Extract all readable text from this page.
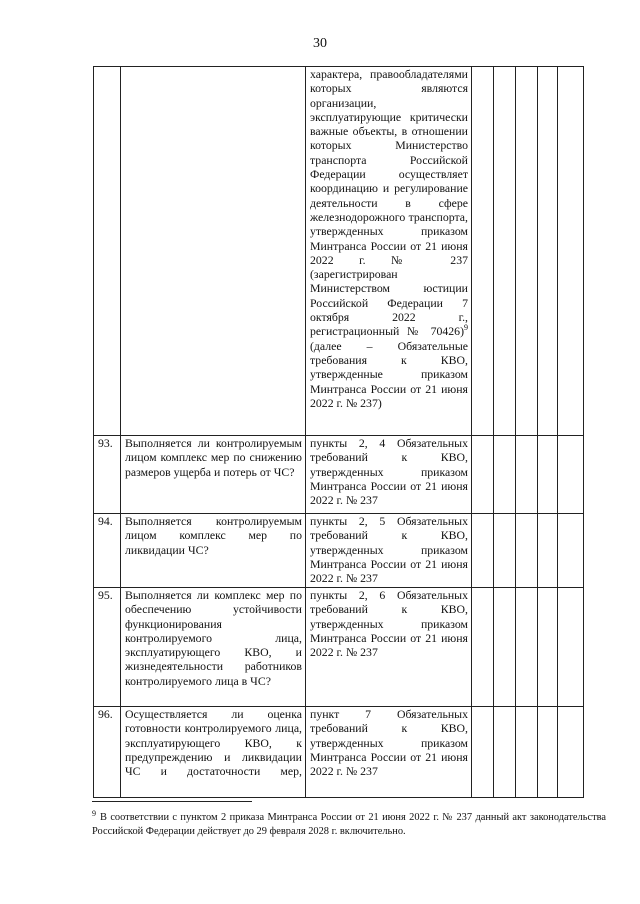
30
		характера, правообладателями которых являются организации, эксплуатирующие критически важные объекты, в отношении которых Министерство транспорта Российской Федерации осуществляет координацию и регулирование деятельности в сфере железнодорожного транспорта, утвержденных приказом Минтранса России от 21 июня 2022 г. № 237 (зарегистрирован Министерством юстиции Российской Федерации 7 октября 2022 г., регистрационный № 70426)$^9$ (далее – Обязательные требования к КВО, утвержденные приказом Минтранса России от 21 июня 2022 г. № 237)					
93.	Выполняется ли контролируемым лицом комплекс мер по снижению размеров ущерба и потерь от ЧС?	пункты 2, 4 Обязательных требований к КВО, утвержденных приказом Минтранса России от 21 июня 2022 г. № 237					
94.	Выполняется контролируемым лицом комплекс мер по ликвидации ЧС?	пункты 2, 5 Обязательных требований к КВО, утвержденных приказом Минтранса России от 21 июня 2022 г. № 237					
95.	Выполняется ли комплекс мер по обеспечению устойчивости функционирования контролируемого лица, эксплуатирующего КВО, и жизнедеятельности работников контролируемого лица в ЧС?	пункты 2, 6 Обязательных требований к КВО, утвержденных приказом Минтранса России от 21 июня 2022 г. № 237					
96.	Осуществляется ли оценка готовности контролируемого лица, эксплуатирующего КВО, к предупреждению и ликвидации ЧС и достаточности мер,	пункт 7 Обязательных требований к КВО, утвержденных приказом Минтранса России от 21 июня 2022 г. № 237					
$^9$ В соответствии с пунктом 2 приказа Минтранса России от 21 июня 2022 г. № 237 данный акт законодательства Российской Федерации действует до 29 февраля 2028 г. включительно.
